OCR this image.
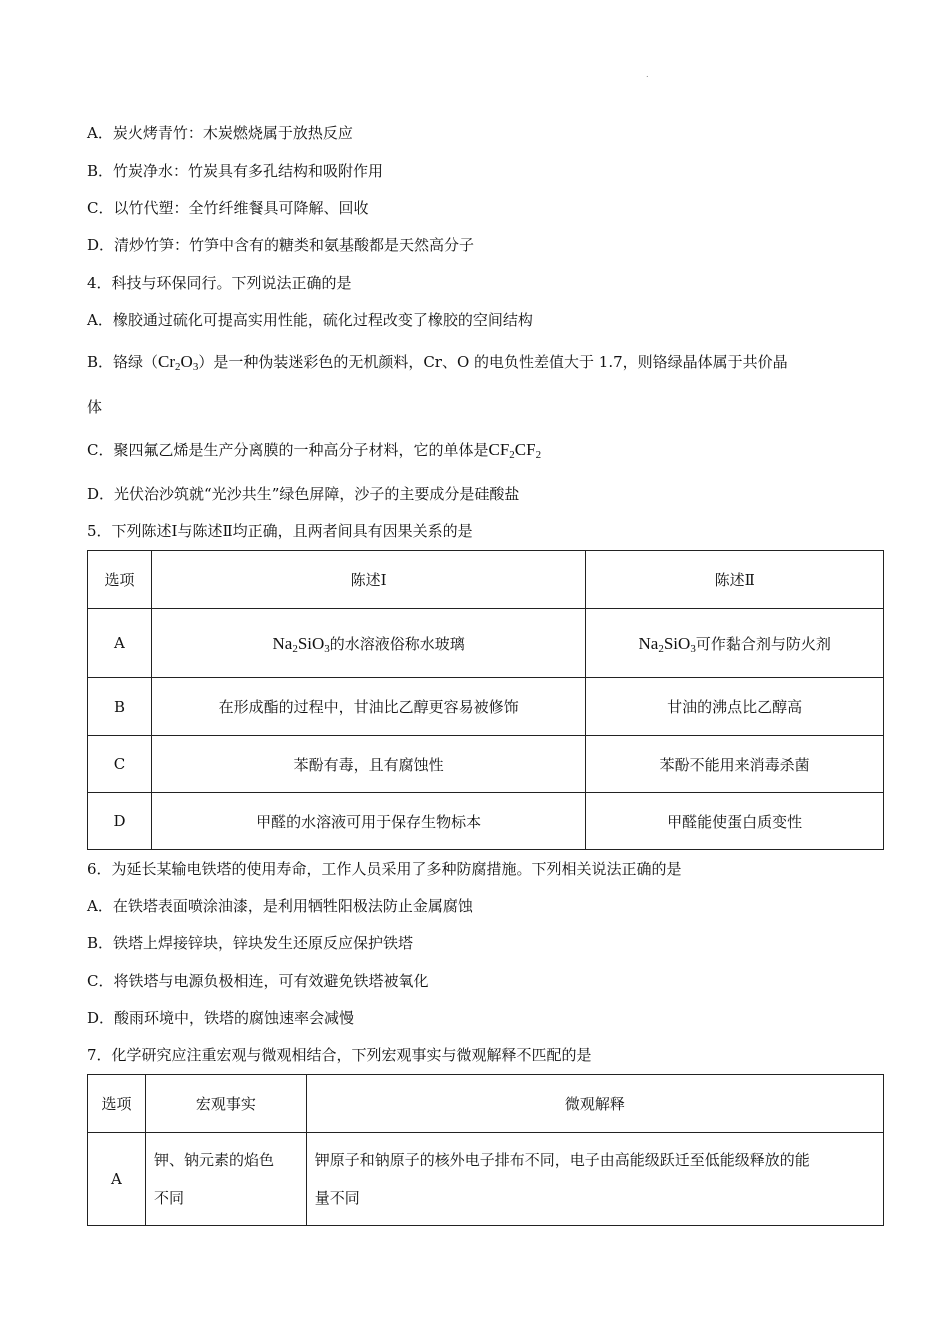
.
A．炭火烤青竹：木炭燃烧属于放热反应
B．竹炭净水：竹炭具有多孔结构和吸附作用
C．以竹代塑：全竹纤维餐具可降解、回收
D．清炒竹笋：竹笋中含有的糖类和氨基酸都是天然高分子
4．科技与环保同行。下列说法正确的是
A．橡胶通过硫化可提高实用性能，硫化过程改变了橡胶的空间结构
B．铬绿$(Cr_2O_3)$是一种伪装迷彩色的无机颜料，Cr、O 的电负性差值大于 1.7，则铬绿晶体属于共价晶
体
C．聚四氟乙烯是生产分离膜的一种高分子材料，它的单体是$CF_2CF_2$
D．光伏治沙筑就“光沙共生”绿色屏障，沙子的主要成分是硅酸盐
5．下列陈述Ⅰ与陈述Ⅱ均正确，且两者间具有因果关系的是
选项	陈述Ⅰ	陈述Ⅱ
A	$Na_2SiO_3$的水溶液俗称水玻璃	$Na_2SiO_3$可作黏合剂与防火剂
B	在形成酯的过程中，甘油比乙醇更容易被修饰	甘油的沸点比乙醇高
C	苯酚有毒，且有腐蚀性	苯酚不能用来消毒杀菌
D	甲醛的水溶液可用于保存生物标本	甲醛能使蛋白质变性
6．为延长某输电铁塔的使用寿命，工作人员采用了多种防腐措施。下列相关说法正确的是
A．在铁塔表面喷涂油漆，是利用牺牲阳极法防止金属腐蚀
B．铁塔上焊接锌块，锌块发生还原反应保护铁塔
C．将铁塔与电源负极相连，可有效避免铁塔被氧化
D．酸雨环境中，铁塔的腐蚀速率会减慢
7．化学研究应注重宏观与微观相结合，下列宏观事实与微观解释不匹配的是
选项	宏观事实	微观解释
A	钾、钠元素的焰色
不同	钾原子和钠原子的核外电子排布不同，电子由高能级跃迁至低能级释放的能
量不同
